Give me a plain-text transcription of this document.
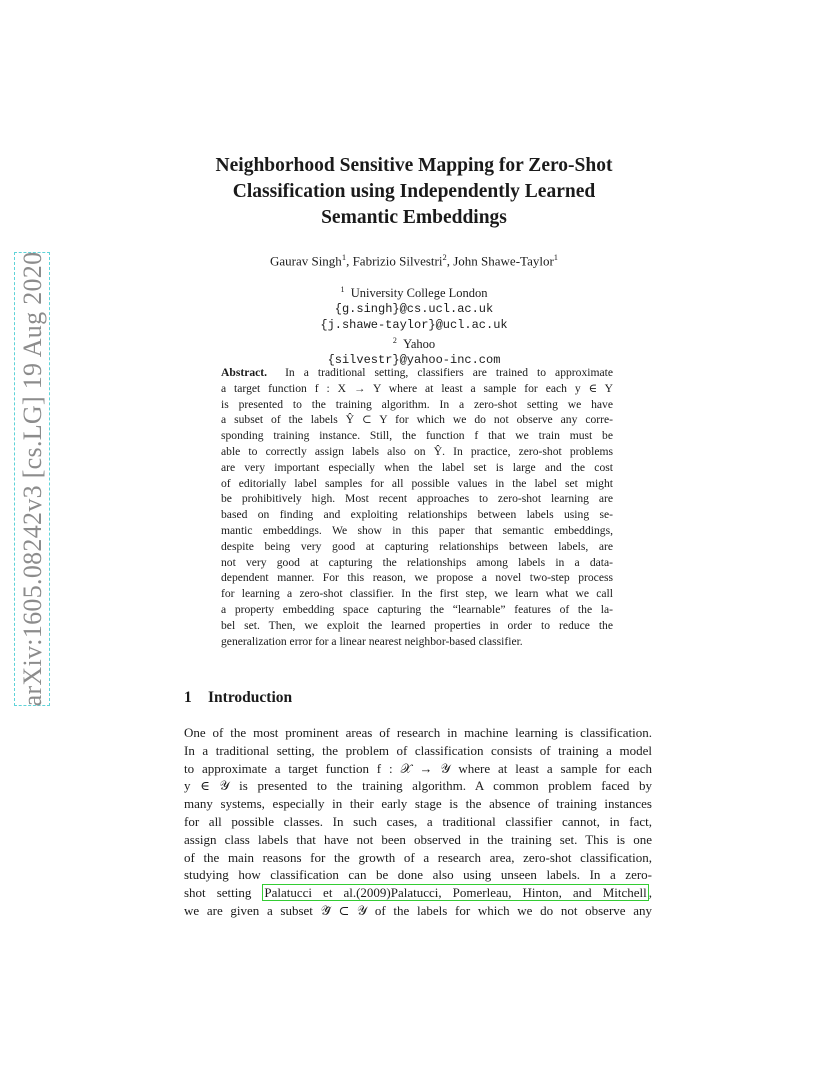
arXiv:1605.08242v3 [cs.LG] 19 Aug 2020
Neighborhood Sensitive Mapping for Zero-Shot
Classification using Independently Learned
Semantic Embeddings
Gaurav Singh$^1$, Fabrizio Silvestri$^2$, John Shawe-Taylor$^1$
$^1$ University College London
{g.singh}@cs.ucl.ac.uk
{j.shawe-taylor}@ucl.ac.uk
$^2$ Yahoo
{silvestr}@yahoo-inc.com
Abstract. In a traditional setting, classifiers are trained to approximate
a target function f : X → Y where at least a sample for each y ∈ Y
is presented to the training algorithm. In a zero-shot setting we have
a subset of the labels Ŷ ⊂ Y for which we do not observe any corre-
sponding training instance. Still, the function f that we train must be
able to correctly assign labels also on Ŷ. In practice, zero-shot problems
are very important especially when the label set is large and the cost
of editorially label samples for all possible values in the label set might
be prohibitively high. Most recent approaches to zero-shot learning are
based on finding and exploiting relationships between labels using se-
mantic embeddings. We show in this paper that semantic embeddings,
despite being very good at capturing relationships between labels, are
not very good at capturing the relationships among labels in a data-
dependent manner. For this reason, we propose a novel two-step process
for learning a zero-shot classifier. In the first step, we learn what we call
a property embedding space capturing the “learnable” features of the la-
bel set. Then, we exploit the learned properties in order to reduce the
generalization error for a linear nearest neighbor-based classifier.
1 Introduction
One of the most prominent areas of research in machine learning is classification.
In a traditional setting, the problem of classification consists of training a model
to approximate a target function f : 𝒳 → 𝒴 where at least a sample for each
y ∈ 𝒴 is presented to the training algorithm. A common problem faced by
many systems, especially in their early stage is the absence of training instances
for all possible classes. In such cases, a traditional classifier cannot, in fact,
assign class labels that have not been observed in the training set. This is one
of the main reasons for the growth of a research area, zero-shot classification,
studying how classification can be done also using unseen labels. In a zero-
shot setting Palatucci et al.(2009)Palatucci, Pomerleau, Hinton, and Mitchell ,
we are given a subset 𝒴̂ ⊂ 𝒴 of the labels for which we do not observe any
